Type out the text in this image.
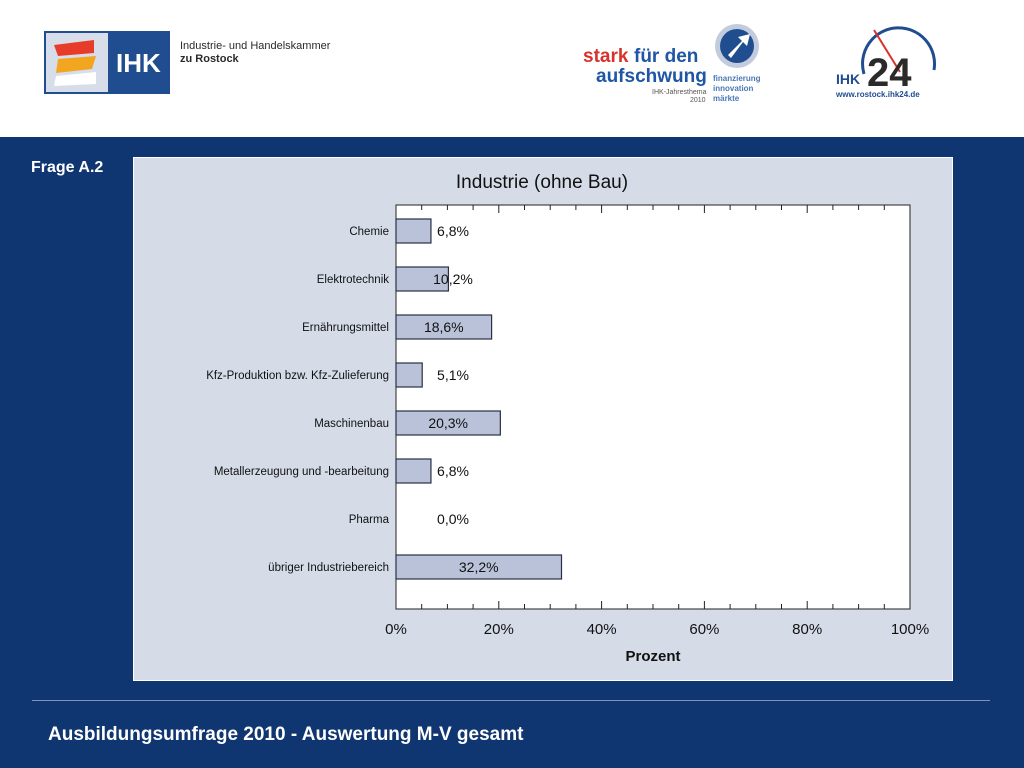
IHK
Industrie- und Handelskammer
zu Rostock	stark für den
aufschwung
IHK-Jahresthema
2010
finanzierung
innovation
märkte
IHK 24
www.rostock.ihk24.de
Frage A.2
Industrie (ohne Bau)
Chemie	6,8%
Elektrotechnik	10,2%
Ernährungsmittel 18,6%
Kfz-Produktion bzw. Kfz-Zulieferung	5,1%
Maschinenbau	20,3%
Metallerzeugung und -bearbeitung	6,8%
Pharma	0,0%
übriger Industriebereich	32,2%
0%	20%	40%	60%	80%	100%
Prozent
Ausbildungsumfrage 2010 - Auswertung M-V gesamt
